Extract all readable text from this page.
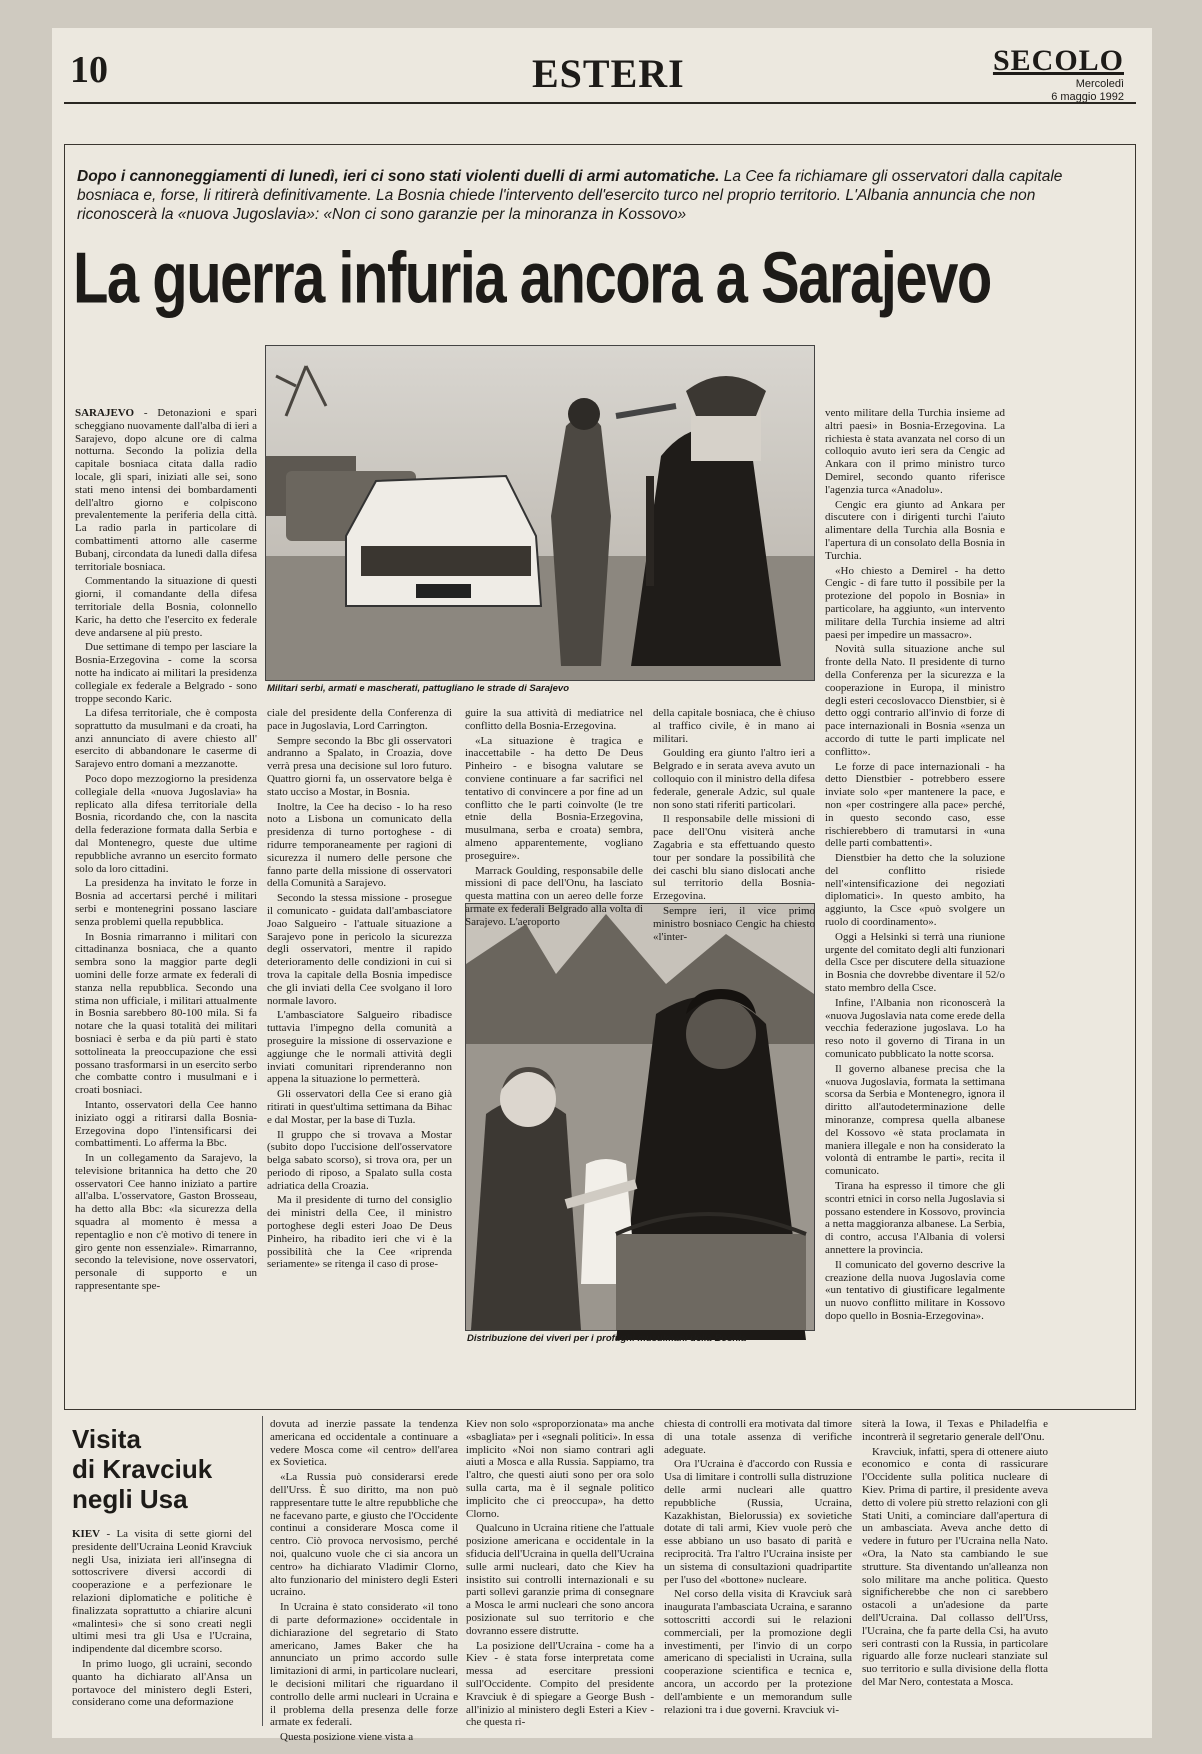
10	ESTERI	SECOLO
Mercoledì
6 maggio 1992
Dopo i cannoneggiamenti di lunedì, ieri ci sono stati violenti duelli di armi automatiche. La Cee fa richiamare gli osservatori dalla capitale bosniaca e, forse, li ritirerà definitivamente. La Bosnia chiede l'intervento dell'esercito turco nel proprio territorio. L'Albania annuncia che non riconoscerà la «nuova Jugoslavia»: «Non ci sono garanzie per la minoranza in Kossovo»
La guerra infuria ancora a Sarajevo
Militari serbi, armati e mascherati, pattugliano le strade di Sarajevo
Distribuzione dei viveri per i profughi musulmani della Bosnia

SARAJEVO - Detonazioni e spari scheggiano nuovamente dall'alba di ieri a Sarajevo, dopo alcune ore di calma notturna. Secondo la polizia della capitale bosniaca citata dalla radio locale, gli spari, iniziati alle sei, sono stati meno intensi dei bombardamenti dell'altro giorno e colpiscono prevalentemente la periferia della città. La radio parla in particolare di combattimenti attorno alle caserme Bubanj, circondata da lunedì dalla difesa territoriale bosniaca.

Commentando la situazione di questi giorni, il comandante della difesa territoriale della Bosnia, colonnello Karic, ha detto che l'esercito ex federale deve andarsene al più presto.

Due settimane di tempo per lasciare la Bosnia-Erzegovina - come la scorsa notte ha indicato ai militari la presidenza collegiale ex federale a Belgrado - sono troppe secondo Karic.

La difesa territoriale, che è composta soprattutto da musulmani e da croati, ha anzi annunciato di avere chiesto all' esercito di abbandonare le caserme di Sarajevo entro domani a mezzanotte.

Poco dopo mezzogiorno la presidenza collegiale della «nuova Jugoslavia» ha replicato alla difesa territoriale della Bosnia, ricordando che, con la nascita della federazione formata dalla Serbia e dal Montenegro, queste due ultime repubbliche avranno un esercito formato solo da loro cittadini.

La presidenza ha invitato le forze in Bosnia ad accertarsi perché i militari serbi e montenegrini possano lasciare senza problemi quella repubblica.

In Bosnia rimarranno i militari con cittadinanza bosniaca, che a quanto sembra sono la maggior parte degli uomini delle forze armate ex federali di stanza nella repubblica. Secondo una stima non ufficiale, i militari attualmente in Bosnia sarebbero 80-100 mila. Si fa notare che la quasi totalità dei militari bosniaci è serba e da più parti è stato sottolineata la preoccupazione che essi possano trasformarsi in un esercito serbo che combatte contro i musulmani e i croati bosniaci.

Intanto, osservatori della Cee hanno iniziato oggi a ritirarsi dalla Bosnia-Erzegovina dopo l'intensificarsi dei combattimenti. Lo afferma la Bbc.

In un collegamento da Sarajevo, la televisione britannica ha detto che 20 osservatori Cee hanno iniziato a partire all'alba. L'osservatore, Gaston Brosseau, ha detto alla Bbc: «la sicurezza della squadra al momento è messa a repentaglio e non c'è motivo di tenere in giro gente non essenziale». Rimarranno, secondo la televisione, nove osservatori, personale di supporto e un rappresentante spe-

ciale del presidente della Conferenza di pace in Jugoslavia, Lord Carrington.

Sempre secondo la Bbc gli osservatori andranno a Spalato, in Croazia, dove verrà presa una decisione sul loro futuro. Quattro giorni fa, un osservatore belga è stato ucciso a Mostar, in Bosnia.

Inoltre, la Cee ha deciso - lo ha reso noto a Lisbona un comunicato della presidenza di turno portoghese - di ridurre temporaneamente per ragioni di sicurezza il numero delle persone che fanno parte della missione di osservatori della Comunità a Sarajevo.

Secondo la stessa missione - prosegue il comunicato - guidata dall'ambasciatore Joao Salgueiro - l'attuale situazione a Sarajevo pone in pericolo la sicurezza degli osservatori, mentre il rapido deterioramento delle condizioni in cui si trova la capitale della Bosnia impedisce che gli inviati della Cee svolgano il loro normale lavoro.

L'ambasciatore Salgueiro ribadisce tuttavia l'impegno della comunità a proseguire la missione di osservazione e aggiunge che le normali attività degli inviati comunitari riprenderanno non appena la situazione lo permetterà.

Gli osservatori della Cee si erano già ritirati in quest'ultima settimana da Bihac e dal Mostar, per la base di Tuzla.

Il gruppo che si trovava a Mostar (subito dopo l'uccisione dell'osservatore belga sabato scorso), si trova ora, per un periodo di riposo, a Spalato sulla costa adriatica della Croazia.

Ma il presidente di turno del consiglio dei ministri della Cee, il ministro portoghese degli esteri Joao De Deus Pinheiro, ha ribadito ieri che vi è la possibilità che la Cee «riprenda seriamente» se ritenga il caso di prose-

guire la sua attività di mediatrice nel conflitto della Bosnia-Erzegovina.

«La situazione è tragica e inaccettabile - ha detto De Deus Pinheiro - e bisogna valutare se conviene continuare a far sacrifici nel tentativo di convincere a por fine ad un conflitto che le parti coinvolte (le tre etnie della Bosnia-Erzegovina, musulmana, serba e croata) sembra, almeno apparentemente, vogliano proseguire».

Marrack Goulding, responsabile delle missioni di pace dell'Onu, ha lasciato questa mattina con un aereo delle forze armate ex federali Belgrado alla volta di Sarajevo. L'aeroporto

della capitale bosniaca, che è chiuso al traffico civile, è in mano ai militari.

Goulding era giunto l'altro ieri a Belgrado e in serata aveva avuto un colloquio con il ministro della difesa federale, generale Adzic, sul quale non sono stati riferiti particolari.

Il responsabile delle missioni di pace dell'Onu visiterà anche Zagabria e sta effettuando questo tour per sondare la possibilità che dei caschi blu siano dislocati anche sul territorio della Bosnia-Erzegovina.

Sempre ieri, il vice primo ministro bosniaco Cengic ha chiesto «l'inter-

vento militare della Turchia insieme ad altri paesi» in Bosnia-Erzegovina. La richiesta è stata avanzata nel corso di un colloquio avuto ieri sera da Cengic ad Ankara con il primo ministro turco Demirel, secondo quanto riferisce l'agenzia turca «Anadolu».

Cengic era giunto ad Ankara per discutere con i dirigenti turchi l'aiuto alimentare della Turchia alla Bosnia e l'apertura di un consolato della Bosnia in Turchia.

«Ho chiesto a Demirel - ha detto Cengic - di fare tutto il possibile per la protezione del popolo in Bosnia» in particolare, ha aggiunto, «un intervento militare della Turchia insieme ad altri paesi per impedire un massacro».

Novità sulla situazione anche sul fronte della Nato. Il presidente di turno della Conferenza per la sicurezza e la cooperazione in Europa, il ministro degli esteri cecoslovacco Dienstbier, si è detto oggi contrario all'invio di forze di pace internazionali in Bosnia «senza un accordo di tutte le parti implicate nel conflitto».

Le forze di pace internazionali - ha detto Dienstbier - potrebbero essere inviate solo «per mantenere la pace, e non «per costringere alla pace» perché, in questo secondo caso, esse rischierebbero di tramutarsi in «una delle parti combattenti».

Dienstbier ha detto che la soluzione del conflitto risiede nell'«intensificazione dei negoziati diplomatici». In questo ambito, ha aggiunto, la Csce «può svolgere un ruolo di coordinamento».

Oggi a Helsinki si terrà una riunione urgente del comitato degli alti funzionari della Csce per discutere della situazione in Bosnia che dovrebbe diventare il 52/o stato membro della Csce.

Infine, l'Albania non riconoscerà la «nuova Jugoslavia nata come erede della vecchia federazione jugoslava. Lo ha reso noto il governo di Tirana in un comunicato pubblicato la notte scorsa.

Il governo albanese precisa che la «nuova Jugoslavia, formata la settimana scorsa da Serbia e Montenegro, ignora il diritto all'autodeterminazione delle minoranze, compresa quella albanese del Kossovo «è stata proclamata in maniera illegale e non ha considerato la volontà di entrambe le parti», recita il comunicato.

Tirana ha espresso il timore che gli scontri etnici in corso nella Jugoslavia si possano estendere in Kossovo, provincia a netta maggioranza albanese. La Serbia, di contro, accusa l'Albania di volersi annettere la provincia.

Il comunicato del governo descrive la creazione della nuova Jugoslavia come «un tentativo di giustificare legalmente un nuovo conflitto militare in Kossovo dopo quello in Bosnia-Erzegovina».

Visita
di Kravciuk
negli Usa

KIEV - La visita di sette giorni del presidente dell'Ucraina Leonid Kravciuk negli Usa, iniziata ieri all'insegna di sottoscrivere diversi accordi di cooperazione e a perfezionare le relazioni diplomatiche e politiche è finalizzata soprattutto a chiarire alcuni «malintesi» che si sono creati negli ultimi mesi tra gli Usa e l'Ucraina, indipendente dal dicembre scorso.

In primo luogo, gli ucraini, secondo quanto ha dichiarato all'Ansa un portavoce del ministero degli Esteri, considerano come una deformazione

dovuta ad inerzie passate la tendenza americana ed occidentale a continuare a vedere Mosca come «il centro» dell'area ex Sovietica.

«La Russia può considerarsi erede dell'Urss. È suo diritto, ma non può rappresentare tutte le altre repubbliche che ne facevano parte, e giusto che l'Occidente continui a considerare Mosca come il centro. Ciò provoca nervosismo, perché noi, qualcuno vuole che ci sia ancora un centro» ha dichiarato Vladimir Clorno, alto funzionario del ministero degli Esteri ucraino.

In Ucraina è stato considerato «il tono di parte deformazione» occidentale in dichiarazione del segretario di Stato americano, James Baker che ha annunciato un primo accordo sulle limitazioni di armi, in particolare nucleari, le decisioni militari che riguardano il controllo delle armi nucleari in Ucraina e il problema della presenza delle forze armate ex federali.

Questa posizione viene vista a

Kiev non solo «sproporzionata» ma anche «sbagliata» per i «segnali politici». In essa implicito «Noi non siamo contrari agli aiuti a Mosca e alla Russia. Sappiamo, tra l'altro, che questi aiuti sono per ora solo sulla carta, ma è il segnale politico implicito che ci preoccupa», ha detto Clorno.

Qualcuno in Ucraina ritiene che l'attuale posizione americana e occidentale in la sfiducia dell'Ucraina in quella dell'Ucraina sulle armi nucleari, dato che Kiev ha insistito sui controlli internazionali e su parti sollevi garanzie prima di consegnare a Mosca le armi nucleari che sono ancora posizionate sul suo territorio e che dovranno essere distrutte.

La posizione dell'Ucraina - come ha a Kiev - è stata forse interpretata come messa ad esercitare pressioni sull'Occidente. Compito del presidente Kravciuk è di spiegare a George Bush - all'inizio al ministero degli Esteri a Kiev - che questa ri-

chiesta di controlli era motivata dal timore di una totale assenza di verifiche adeguate.

Ora l'Ucraina è d'accordo con Russia e Usa di limitare i controlli sulla distruzione delle armi nucleari alle quattro repubbliche (Russia, Ucraina, Kazakhistan, Bielorussia) ex sovietiche dotate di tali armi, Kiev vuole però che esse abbiano un uso basato di parità e reciprocità. Tra l'altro l'Ucraina insiste per un sistema di consultazioni quadripartite per l'uso del «bottone» nucleare.

Nel corso della visita di Kravciuk sarà inaugurata l'ambasciata Ucraina, e saranno sottoscritti accordi sui le relazioni commerciali, per la promozione degli investimenti, per l'invio di un corpo americano di specialisti in Ucraina, sulla cooperazione scientifica e tecnica e, ancora, un accordo per la protezione dell'ambiente e un memorandum sulle relazioni tra i due governi. Kravciuk vi-

siterà la Iowa, il Texas e Philadelfia e incontrerà il segretario generale dell'Onu.

Kravciuk, infatti, spera di ottenere aiuto economico e conta di rassicurare l'Occidente sulla politica nucleare di Kiev. Prima di partire, il presidente aveva detto di volere più stretto relazioni con gli Stati Uniti, a cominciare dall'apertura di un ambasciata. Aveva anche detto di vedere in futuro per l'Ucraina nella Nato. «Ora, la Nato sta cambiando le sue strutture. Sta diventando un'alleanza non solo militare ma anche politica. Questo significherebbe che non ci sarebbero ostacoli a un'adesione da parte dell'Ucraina. Dal collasso dell'Urss, l'Ucraina, che fa parte della Csi, ha avuto seri contrasti con la Russia, in particolare riguardo alle forze nucleari stanziate sul suo territorio e sulla divisione della flotta del Mar Nero, contestata a Mosca.
